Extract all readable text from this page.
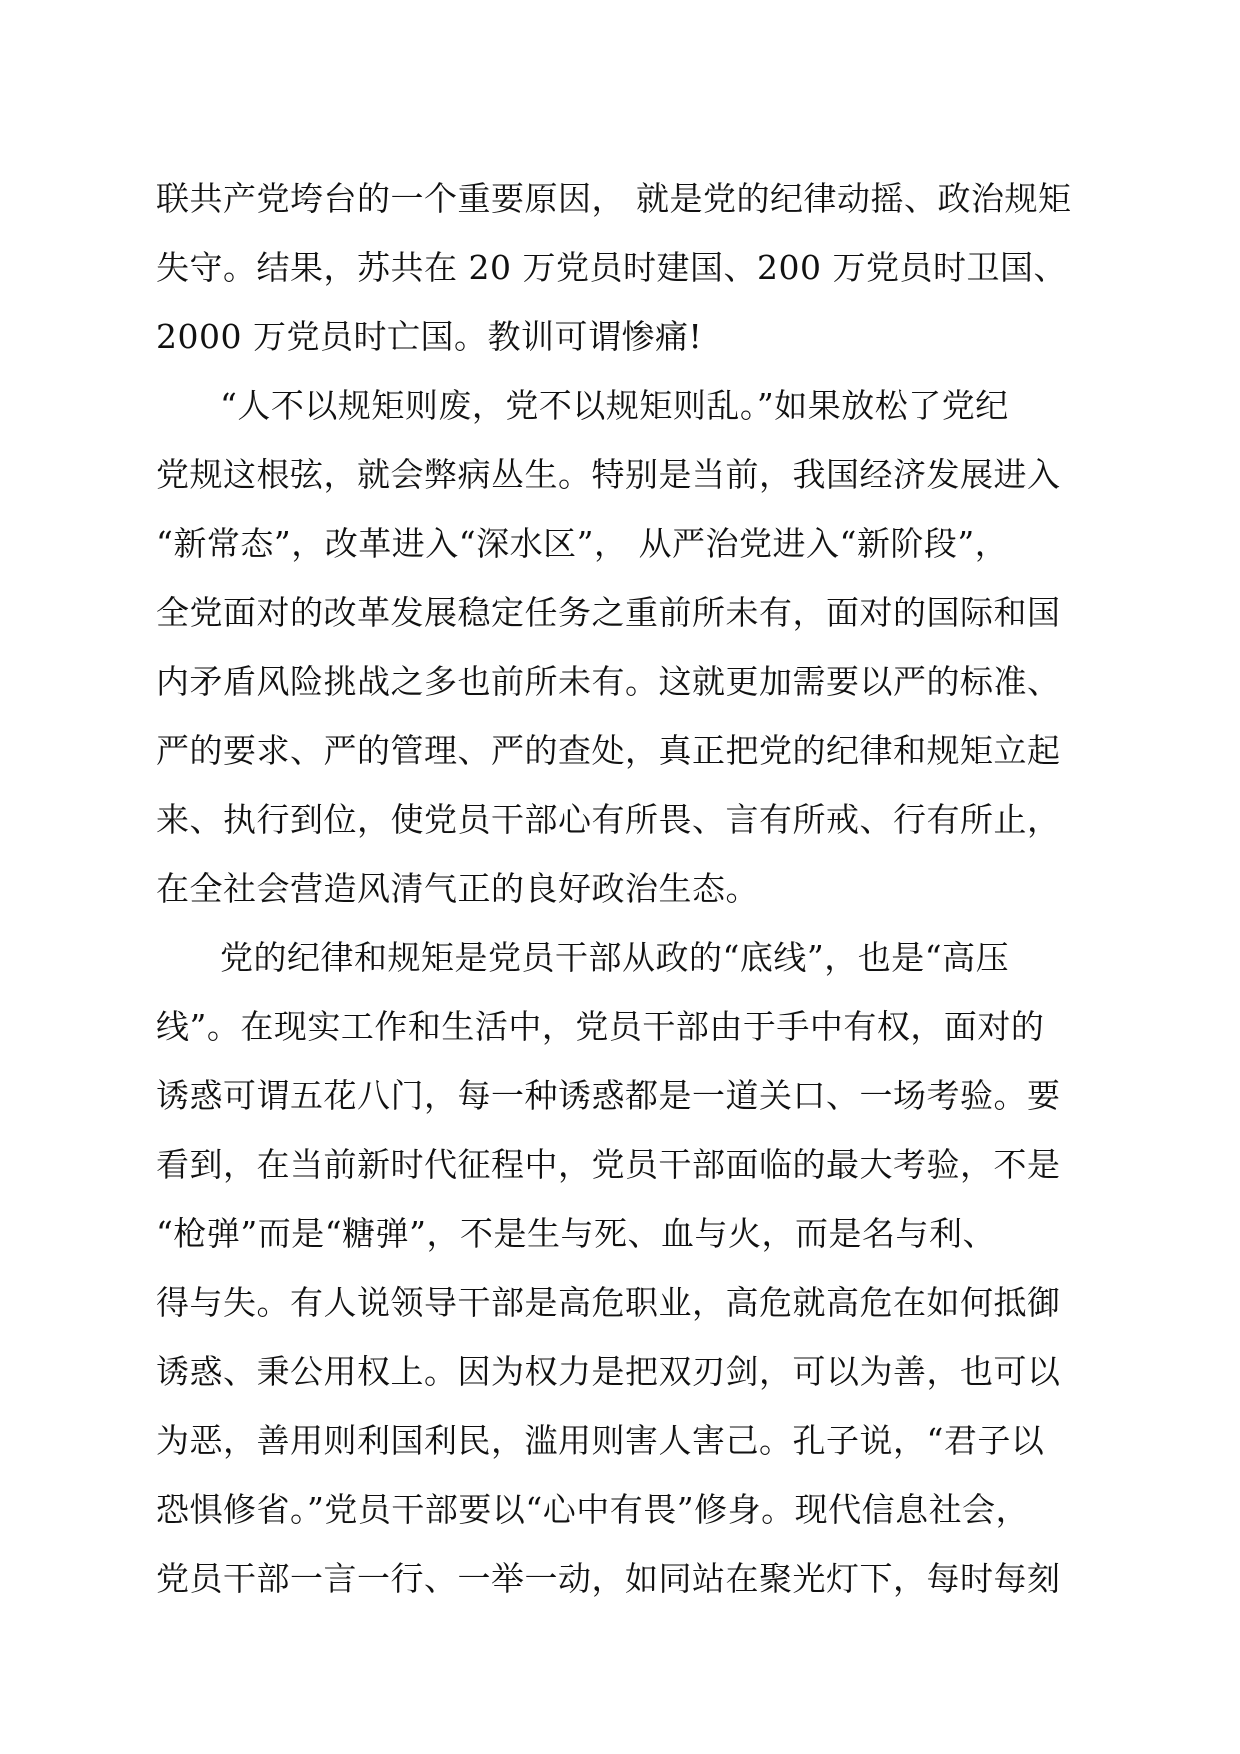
联共产党垮台的一个重要原因， 就是党的纪律动摇、政治规矩
失守。结果，苏共在 20 万党员时建国、200 万党员时卫国、
2000 万党员时亡国。教训可谓惨痛!
“人不以规矩则废，党不以规矩则乱。”如果放松了党纪
党规这根弦，就会弊病丛生。特别是当前，我国经济发展进入
“新常态”，改革进入“深水区”， 从严治党进入“新阶段”，
全党面对的改革发展稳定任务之重前所未有，面对的国际和国
内矛盾风险挑战之多也前所未有。这就更加需要以严的标准、
严的要求、严的管理、严的查处，真正把党的纪律和规矩立起
来、执行到位，使党员干部心有所畏、言有所戒、行有所止，
在全社会营造风清气正的良好政治生态。
党的纪律和规矩是党员干部从政的“底线”，也是“高压
线”。在现实工作和生活中，党员干部由于手中有权，面对的
诱惑可谓五花八门，每一种诱惑都是一道关口、一场考验。要
看到，在当前新时代征程中，党员干部面临的最大考验，不是
“枪弹”而是“糖弹”，不是生与死、血与火，而是名与利、
得与失。有人说领导干部是高危职业，高危就高危在如何抵御
诱惑、秉公用权上。因为权力是把双刃剑，可以为善，也可以
为恶，善用则利国利民，滥用则害人害己。孔子说，“君子以
恐惧修省。”党员干部要以“心中有畏”修身。现代信息社会，
党员干部一言一行、一举一动，如同站在聚光灯下，每时每刻
